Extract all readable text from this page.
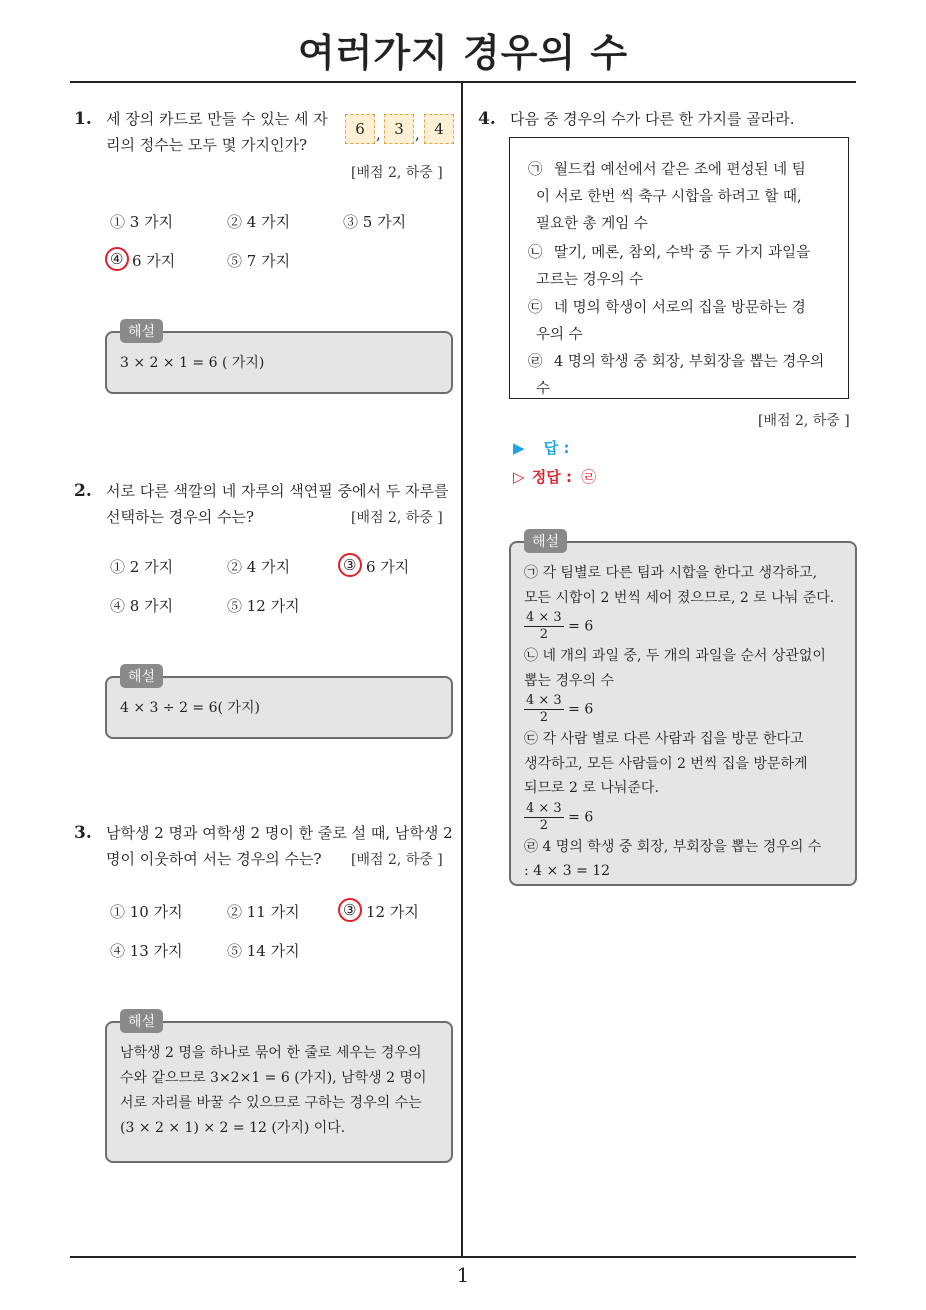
여러가지 경우의 수
1
1. 세 장의 카드로 만들 수 있는 세 자
리의 정수는 모두 몇 가지인가?
6 , 3 , 4
[배점 2, 하중 ]
① 3 가지	② 4 가지	③ 5 가지
④ 6 가지	⑤ 7 가지
3 × 2 × 1 = 6 ( 가지)
해설
2. 서로 다른 색깔의 네 자루의 색연필 중에서 두 자루를
선택하는 경우의 수는?	[배점 2, 하중 ]
① 2 가지	② 4 가지	③ 6 가지
④ 8 가지	⑤ 12 가지
4 × 3 ÷ 2 = 6( 가지)
해설
3. 남학생 2 명과 여학생 2 명이 한 줄로 설 때, 남학생 2
명이 이웃하여 서는 경우의 수는? [배점 2, 하중 ]
① 10 가지	② 11 가지	③ 12 가지
④ 13 가지	⑤ 14 가지
남학생 2 명을 하나로 묶어 한 줄로 세우는 경우의
수와 같으므로 3×2×1 = 6 (가지), 남학생 2 명이
서로 자리를 바꿀 수 있으므로 구하는 경우의 수는
(3 × 2 × 1) × 2 = 12 (가지) 이다.
해설
4. 다음 중 경우의 수가 다른 한 가지를 골라라.
㉠ 월드컵 예선에서 같은 조에 편성된 네 팀
이 서로 한번 씩 축구 시합을 하려고 할 때,
필요한 총 게임 수
㉡ 딸기, 메론, 참외, 수박 중 두 가지 과일을
고르는 경우의 수
㉢ 네 명의 학생이 서로의 집을 방문하는 경
우의 수
㉣ 4 명의 학생 중 회장, 부회장을 뽑는 경우의
수
[배점 2, 하중 ]
▶ 답 :
▷ 정답 : ㉣
㉠ 각 팀별로 다른 팀과 시합을 한다고 생각하고,
모든 시합이 2 번씩 세어 졌으므로, 2 로 나눠 준다.
$\frac{4 \times 3}{2} = 6$
㉡ 네 개의 과일 중, 두 개의 과일을 순서 상관없이
뽑는 경우의 수
$\frac{4 \times 3}{2} = 6$
㉢ 각 사람 별로 다른 사람과 집을 방문 한다고
생각하고, 모든 사람들이 2 번씩 집을 방문하게
되므로 2 로 나눠준다.
$\frac{4 \times 3}{2} = 6$
㉣ 4 명의 학생 중 회장, 부회장을 뽑는 경우의 수
: 4 × 3 = 12
해설
